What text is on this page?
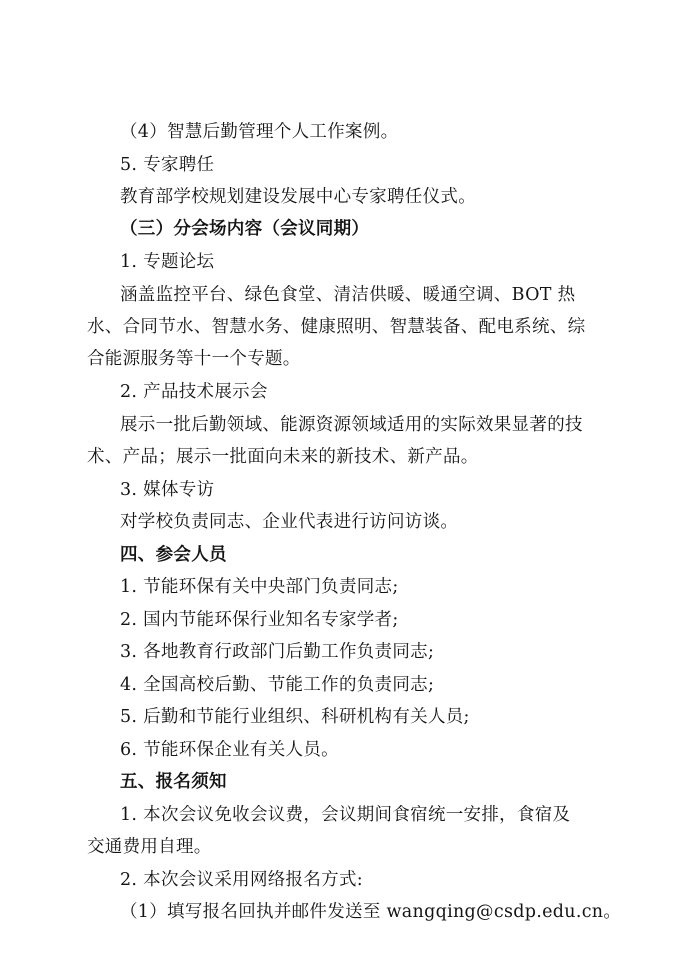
（4）智慧后勤管理个人工作案例。
5. 专家聘任
教育部学校规划建设发展中心专家聘任仪式。
（三）分会场内容（会议同期）
1. 专题论坛
涵盖监控平台、绿色食堂、清洁供暖、暖通空调、BOT 热
水、合同节水、智慧水务、健康照明、智慧装备、配电系统、综
合能源服务等十一个专题。
2. 产品技术展示会
展示一批后勤领域、能源资源领域适用的实际效果显著的技
术、产品；展示一批面向未来的新技术、新产品。
3. 媒体专访
对学校负责同志、企业代表进行访问访谈。
四、参会人员
1. 节能环保有关中央部门负责同志;
2. 国内节能环保行业知名专家学者;
3. 各地教育行政部门后勤工作负责同志;
4. 全国高校后勤、节能工作的负责同志;
5. 后勤和节能行业组织、科研机构有关人员;
6. 节能环保企业有关人员。
五、报名须知
1. 本次会议免收会议费，会议期间食宿统一安排，食宿及
交通费用自理。
2. 本次会议采用网络报名方式:
（1）填写报名回执并邮件发送至 wangqing@csdp.edu.cn。
